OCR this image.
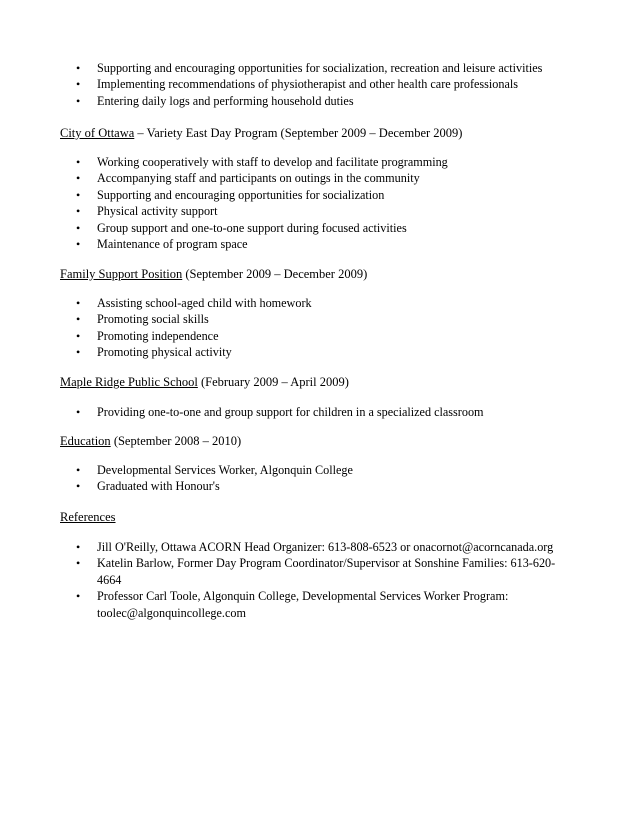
• Supporting and encouraging opportunities for socialization, recreation and leisure activities
• Implementing recommendations of physiotherapist and other health care professionals
• Entering daily logs and performing household duties
City of Ottawa – Variety East Day Program (September 2009 – December 2009)
• Working cooperatively with staff to develop and facilitate programming
• Accompanying staff and participants on outings in the community
• Supporting and encouraging opportunities for socialization
• Physical activity support
• Group support and one-to-one support during focused activities
• Maintenance of program space
Family Support Position (September 2009 – December 2009)
• Assisting school-aged child with homework
• Promoting social skills
• Promoting independence
• Promoting physical activity
Maple Ridge Public School (February 2009 – April 2009)
• Providing one-to-one and group support for children in a specialized classroom
Education (September 2008 – 2010)
• Developmental Services Worker, Algonquin College
• Graduated with Honour's
References
• Jill O'Reilly, Ottawa ACORN Head Organizer: 613-808-6523 or onacornot@acorncanada.org
• Katelin Barlow, Former Day Program Coordinator/Supervisor at Sonshine Families: 613-620-4664
• Professor Carl Toole, Algonquin College, Developmental Services Worker Program: toolec@algonquincollege.com
